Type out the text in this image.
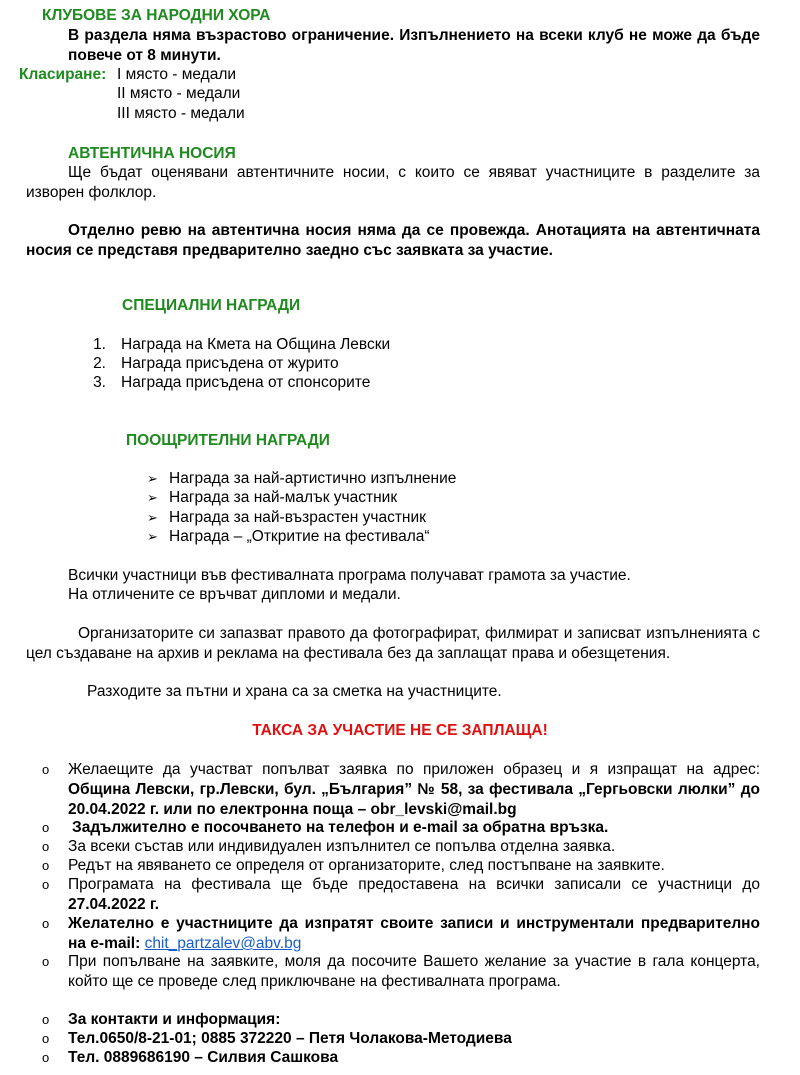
КЛУБОВЕ ЗА НАРОДНИ ХОРА
В раздела няма възрастово ограничение. Изпълнението на всеки клуб не може да бъде повече от 8 минути.
Класиране: I място - медали
II място - медали
III място - медали
АВТЕНТИЧНА НОСИЯ
Ще бъдат оценявани автентичните носии, с които се явяват участниците в разделите за изворен фолклор.
Отделно ревю на автентична носия няма да се провежда. Анотацията на автентичната носия се представя предварително заедно със заявката за участие.
СПЕЦИАЛНИ НАГРАДИ
1. Награда на Кмета на Община Левски
2. Награда присъдена от журито
3. Награда присъдена от спонсорите
ПООЩРИТЕЛНИ НАГРАДИ
➢ Награда за най-артистично изпълнение
➢ Награда за най-малък участник
➢ Награда за най-възрастен участник
➢ Награда – „Откритие на фестивала“
Всички участници във фестивалната програма получават грамота за участие.
На отличените се връчват дипломи и медали.
Организаторите си запазват правото да фотографират, филмират и записват изпълненията с цел създаване на архив и реклама на фестивала без да заплащат права и обезщетения.
Разходите за пътни и храна са за сметка на участниците.
ТАКСА ЗА УЧАСТИЕ НЕ СЕ ЗАПЛАЩА!
o Желаещите да участват попълват заявка по приложен образец и я изпращат на адрес: Община Левски, гр.Левски, бул. „България” № 58, за фестивала „Гергьовски люлки” до 20.04.2022 г. или по електронна поща – obr_levski@mail.bg
o Задължително е посочването на телефон и e-mail за обратна връзка.
o За всеки състав или индивидуален изпълнител се попълва отделна заявка.
o Редът на явяването се определя от организаторите, след постъпване на заявките.
o Програмата на фестивала ще бъде предоставена на всички записали се участници до 27.04.2022 г.
o Желателно е участниците да изпратят своите записи и инструментали предварително на e-mail: chit_partzalev@abv.bg
o При попълване на заявките, моля да посочите Вашето желание за участие в гала концерта, който ще се проведе след приключване на фестивалната програма.
o За контакти и информация:
o Тел.0650/8-21-01; 0885 372220 – Петя Чолакова-Методиева
o Тел. 0889686190 – Силвия Сашкова
